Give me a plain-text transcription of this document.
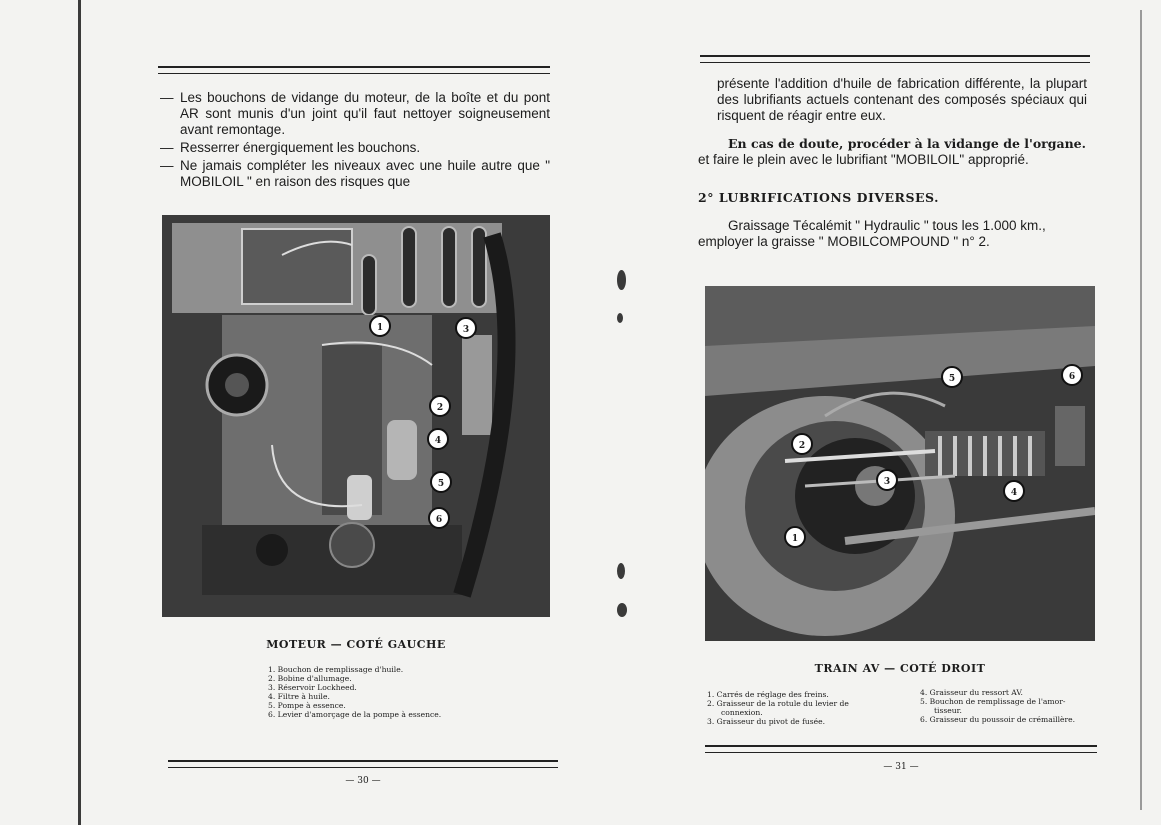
— Les bouchons de vidange du moteur, de la boîte et du pont AR sont munis d'un joint qu'il faut nettoyer soigneusement avant remontage.
— Resserrer énergiquement les bouchons.
— Ne jamais compléter les niveaux avec une huile autre que " MOBILOIL " en raison des risques que
1
2
3
4
5
6
MOTEUR — COTÉ GAUCHE
1. Bouchon de remplissage d'huile.
2. Bobine d'allumage.
3. Réservoir Lockheed.
4. Filtre à huile.
5. Pompe à essence.
6. Levier d'amorçage de la pompe à essence.
— 30 —
présente l'addition d'huile de fabrication différente, la plupart des lubrifiants actuels contenant des composés spéciaux qui risquent de réagir entre eux.
En cas de doute, procéder à la vidange de l'organe.
et faire le plein avec le lubrifiant "MOBILOIL" approprié.
2° LUBRIFICATIONS DIVERSES.
Graissage Técalémit " Hydraulic " tous les 1.000 km., employer la graisse " MOBILCOMPOUND " n° 2.
1
2
3
4
5	6
TRAIN AV — COTÉ DROIT
1. Carrés de réglage des freins.
2. Graisseur de la rotule du levier de
connexion.
3. Graisseur du pivot de fusée.
4. Graisseur du ressort AV.
5. Bouchon de remplissage de l'amor-
tisseur.
6. Graisseur du poussoir de crémaillère.
— 31 —
